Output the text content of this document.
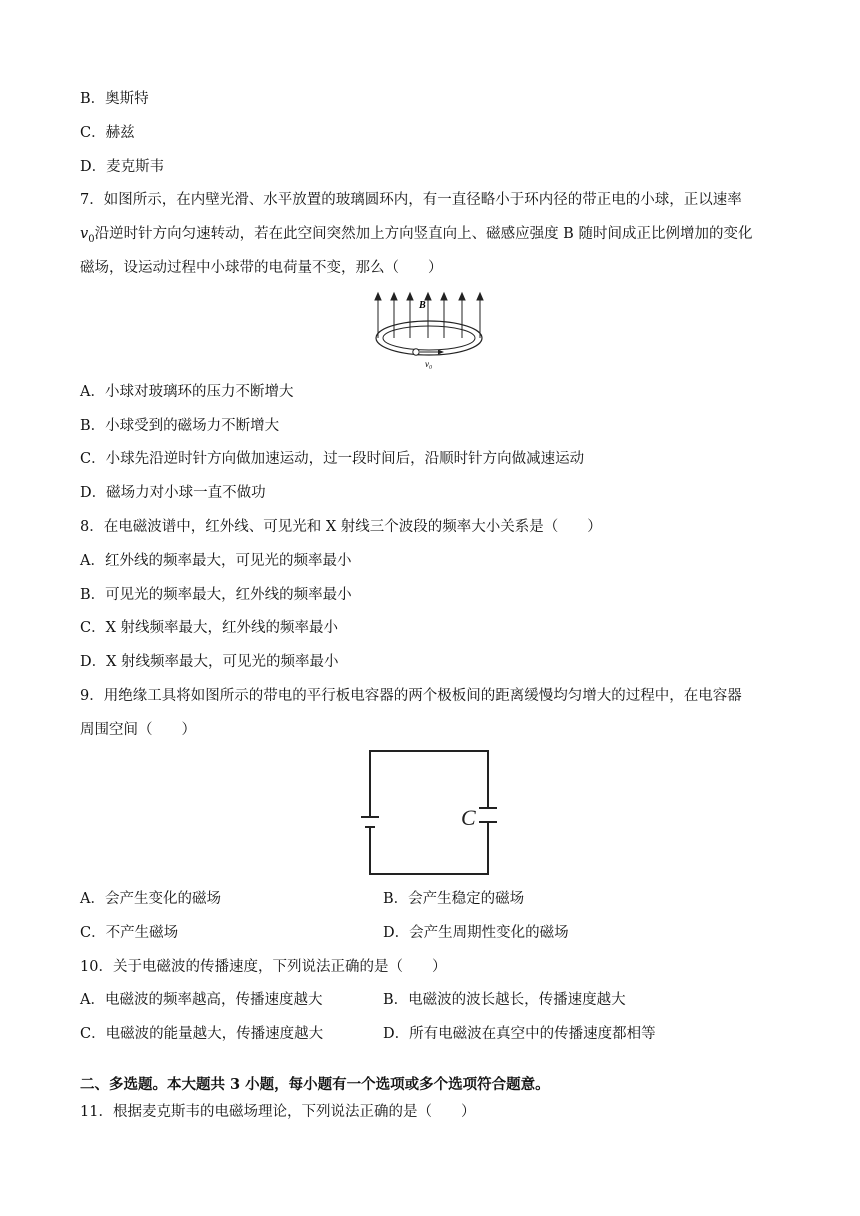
B．奥斯特
C．赫兹
D．麦克斯韦
7．如图所示，在内壁光滑、水平放置的玻璃圆环内，有一直径略小于环内径的带正电的小球，正以速率
$v_0$沿逆时针方向匀速转动，若在此空间突然加上方向竖直向上、磁感应强度 B 随时间成正比例增加的变化
磁场，设运动过程中小球带的电荷量不变，那么（　　）
B
v₀
A．小球对玻璃环的压力不断增大
B．小球受到的磁场力不断增大
C．小球先沿逆时针方向做加速运动，过一段时间后，沿顺时针方向做减速运动
D．磁场力对小球一直不做功
8．在电磁波谱中，红外线、可见光和 X 射线三个波段的频率大小关系是（　　）
A．红外线的频率最大，可见光的频率最小
B．可见光的频率最大，红外线的频率最小
C．X 射线频率最大，红外线的频率最小
D．X 射线频率最大，可见光的频率最小
9．用绝缘工具将如图所示的带电的平行板电容器的两个极板间的距离缓慢均匀增大的过程中，在电容器
周围空间（　　）
C
A．会产生变化的磁场	B．会产生稳定的磁场
C．不产生磁场	D．会产生周期性变化的磁场
10．关于电磁波的传播速度，下列说法正确的是（　　）
A．电磁波的频率越高，传播速度越大	B．电磁波的波长越长，传播速度越大
C．电磁波的能量越大，传播速度越大	D．所有电磁波在真空中的传播速度都相等
二、多选题。本大题共 3 小题，每小题有一个选项或多个选项符合题意。
11．根据麦克斯韦的电磁场理论，下列说法正确的是（　　）
